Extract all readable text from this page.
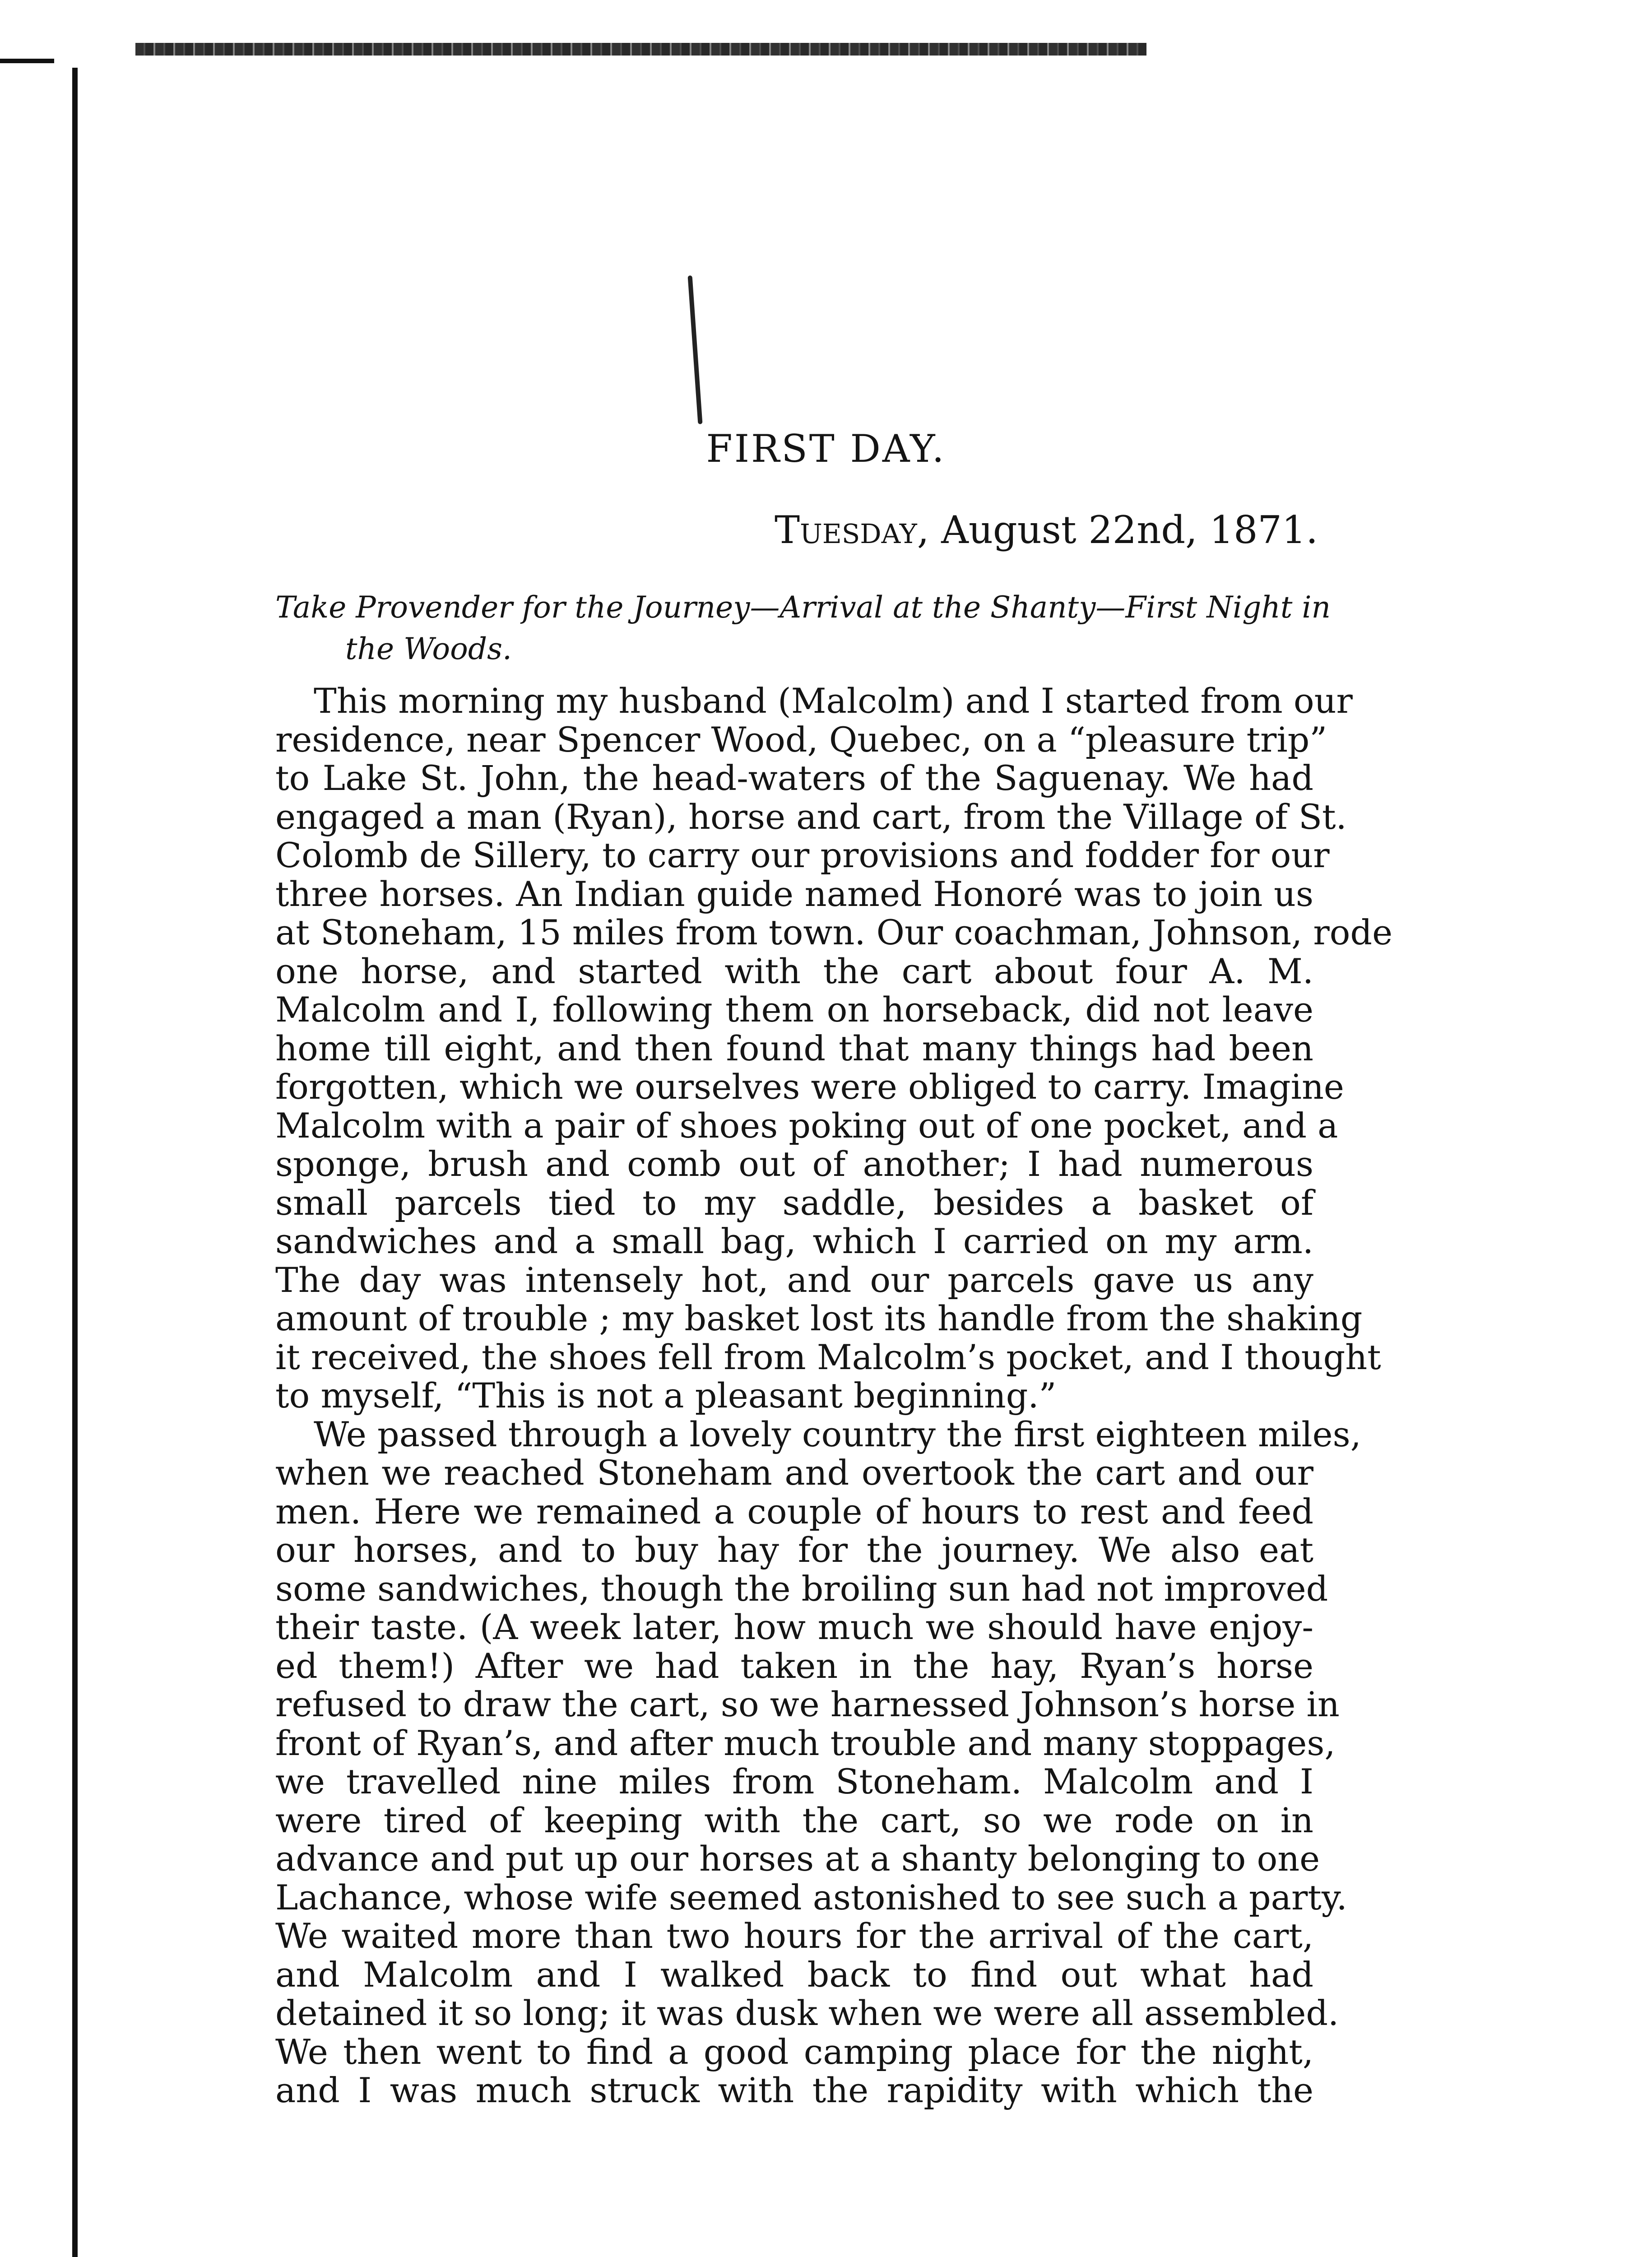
FIRST DAY.

Tuesday, August 22nd, 1871.

Take Provender for the Journey—Arrival at the Shanty—First Night in
the Woods.

This morning my husband (Malcolm) and I started from our
residence, near Spencer Wood, Quebec, on a “pleasure trip”
to Lake St. John, the head-waters of the Saguenay. We had
engaged a man (Ryan), horse and cart, from the Village of St.
Colomb de Sillery, to carry our provisions and fodder for our
three horses. An Indian guide named Honoré was to join us
at Stoneham, 15 miles from town. Our coachman, Johnson, rode
one horse, and started with the cart about four A. M.
Malcolm and I, following them on horseback, did not leave
home till eight, and then found that many things had been
forgotten, which we ourselves were obliged to carry. Imagine
Malcolm with a pair of shoes poking out of one pocket, and a
sponge, brush and comb out of another; I had numerous
small parcels tied to my saddle, besides a basket of
sandwiches and a small bag, which I carried on my arm.
The day was intensely hot, and our parcels gave us any
amount of trouble ; my basket lost its handle from the shaking
it received, the shoes fell from Malcolm’s pocket, and I thought
to myself, “This is not a pleasant beginning.”
We passed through a lovely country the first eighteen miles,
when we reached Stoneham and overtook the cart and our
men. Here we remained a couple of hours to rest and feed
our horses, and to buy hay for the journey. We also eat
some sandwiches, though the broiling sun had not improved
their taste. (A week later, how much we should have enjoy-
ed them!) After we had taken in the hay, Ryan’s horse
refused to draw the cart, so we harnessed Johnson’s horse in
front of Ryan’s, and after much trouble and many stoppages,
we travelled nine miles from Stoneham. Malcolm and I
were tired of keeping with the cart, so we rode on in
advance and put up our horses at a shanty belonging to one
Lachance, whose wife seemed astonished to see such a party.
We waited more than two hours for the arrival of the cart,
and Malcolm and I walked back to find out what had
detained it so long; it was dusk when we were all assembled.
We then went to find a good camping place for the night,
and I was much struck with the rapidity with which the
